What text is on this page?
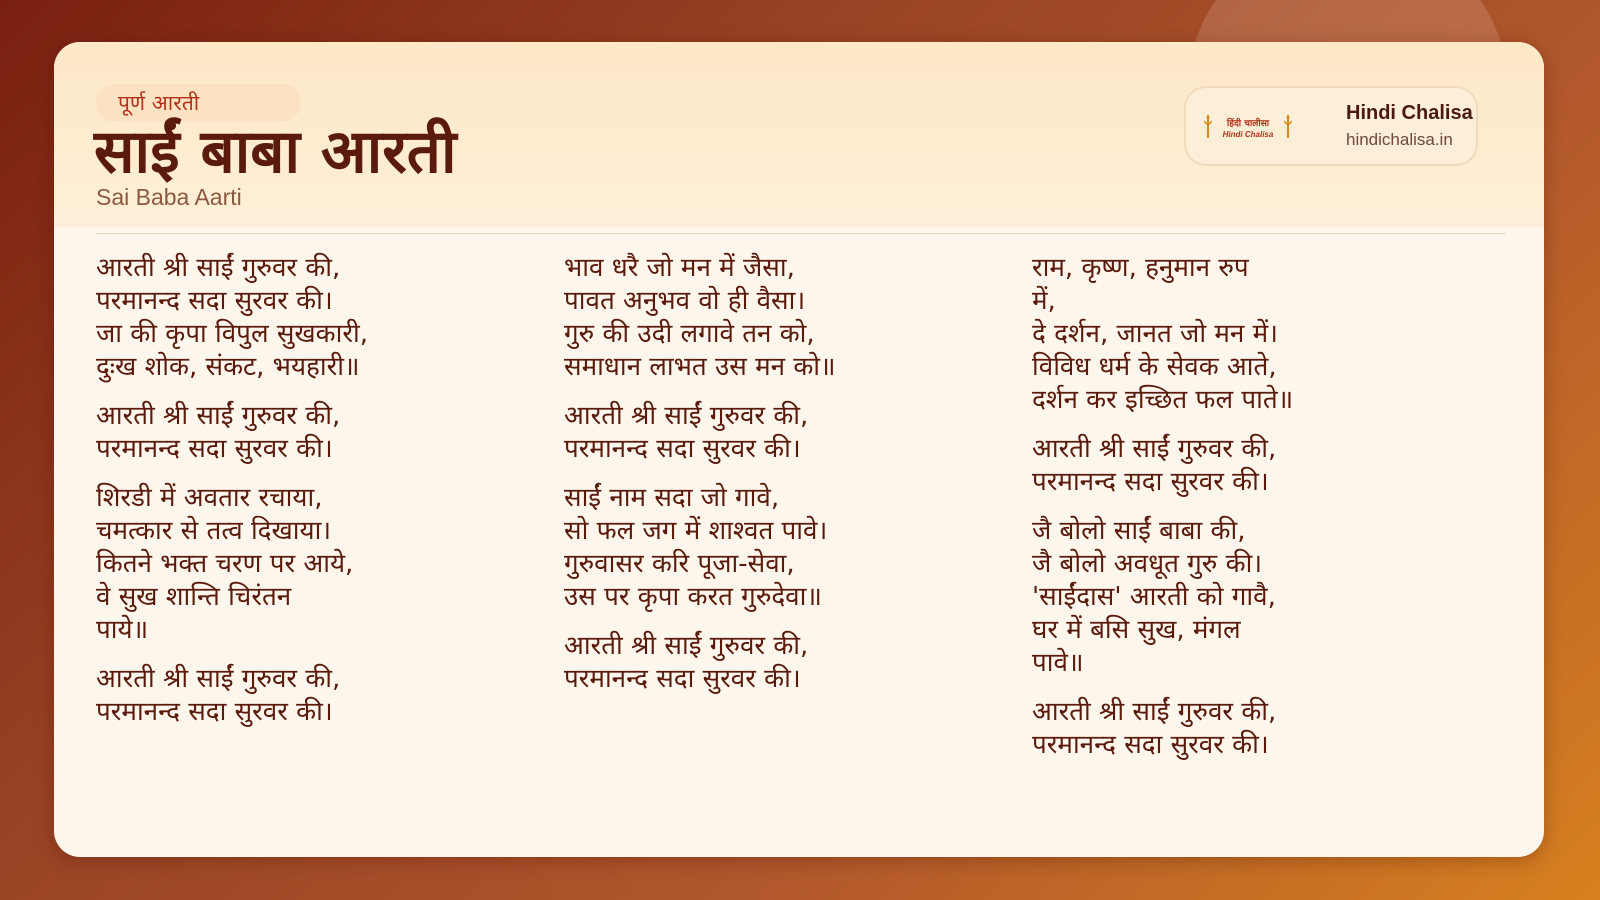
पूर्ण आरती
साईं बाबा आरती
Sai Baba Aarti
हिंदी चालीसा
Hindi Chalisa
Hindi Chalisa
hindichalisa.in
आरती श्री साईं गुरुवर की,
परमानन्द सदा सुरवर की।
जा की कृपा विपुल सुखकारी,
दुःख शोक, संकट, भयहारी॥
आरती श्री साईं गुरुवर की,
परमानन्द सदा सुरवर की।
शिरडी में अवतार रचाया,
चमत्कार से तत्व दिखाया।
कितने भक्त चरण पर आये,
वे सुख शान्ति चिरंतन
पाये॥
आरती श्री साईं गुरुवर की,
परमानन्द सदा सुरवर की।
भाव धरै जो मन में जैसा,
पावत अनुभव वो ही वैसा।
गुरु की उदी लगावे तन को,
समाधान लाभत उस मन को॥
आरती श्री साईं गुरुवर की,
परमानन्द सदा सुरवर की।
साईं नाम सदा जो गावे,
सो फल जग में शाश्वत पावे।
गुरुवासर करि पूजा-सेवा,
उस पर कृपा करत गुरुदेवा॥
आरती श्री साईं गुरुवर की,
परमानन्द सदा सुरवर की।
राम, कृष्ण, हनुमान रुप
में,
दे दर्शन, जानत जो मन में।
विविध धर्म के सेवक आते,
दर्शन कर इच्छित फल पाते॥
आरती श्री साईं गुरुवर की,
परमानन्द सदा सुरवर की।
जै बोलो साईं बाबा की,
जै बोलो अवधूत गुरु की।
'साईंदास' आरती को गावै,
घर में बसि सुख, मंगल
पावे॥
आरती श्री साईं गुरुवर की,
परमानन्द सदा सुरवर की।
